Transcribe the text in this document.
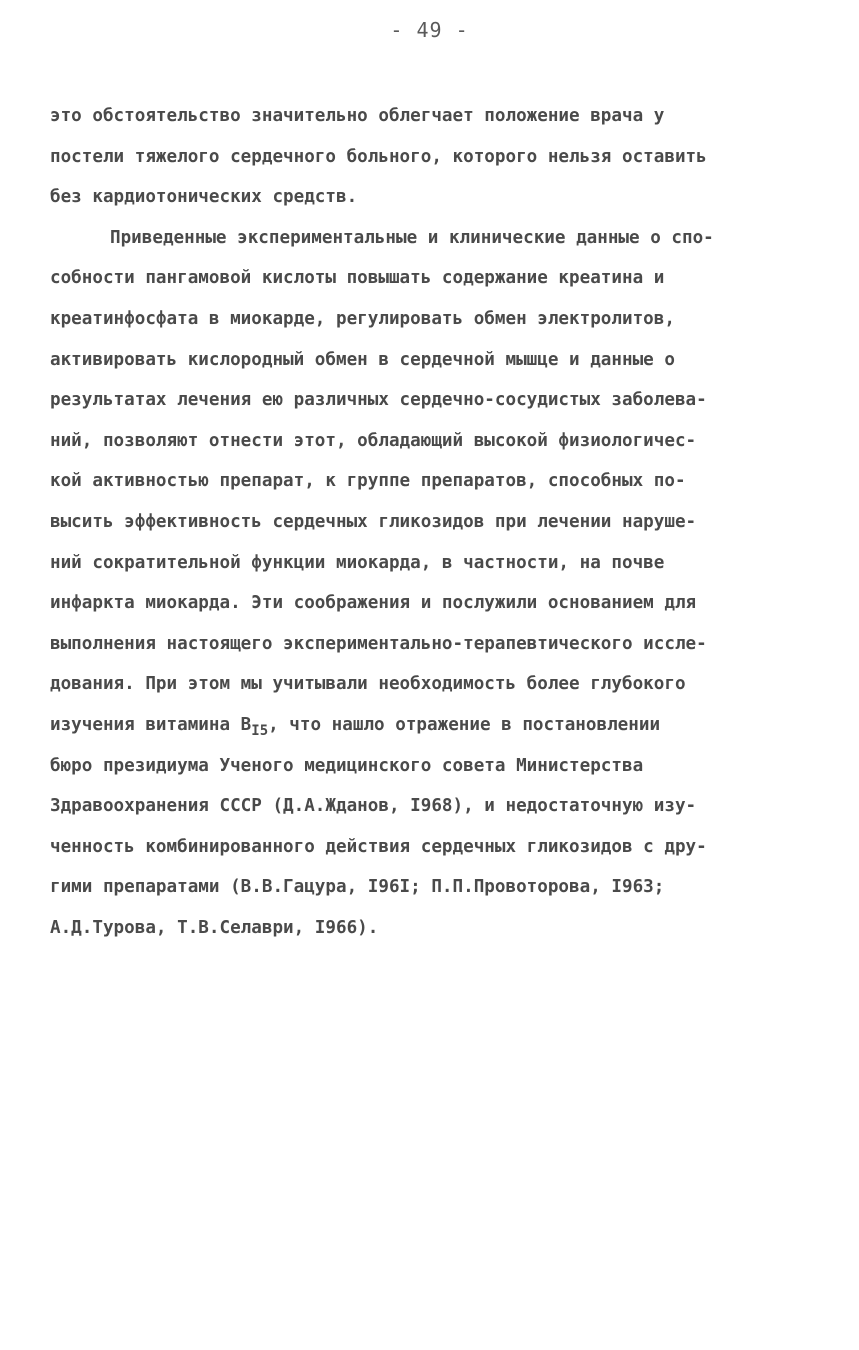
- 49 -
это обстоятельство значительно облегчает положение врача у
постели тяжелого сердечного больного, которого нельзя оставить
без кардиотонических средств.
Приведенные экспериментальные и клинические данные о спо-
собности пангамовой кислоты повышать содержание креатина и
креатинфосфата в миокарде, регулировать обмен электролитов,
активировать кислородный обмен в сердечной мышце и данные о
результатах лечения ею различных сердечно-сосудистых заболева-
ний, позволяют отнести этот, обладающий высокой физиологичес-
кой активностью препарат, к группе препаратов, способных по-
высить эффективность сердечных гликозидов при лечении наруше-
ний сократительной функции миокарда, в частности, на почве
инфаркта миокарда. Эти соображения и послужили основанием для
выполнения настоящего экспериментально-терапевтического иссле-
дования. При этом мы учитывали необходимость более глубокого
изучения витамина $B_{I5}$, что нашло отражение в постановлении
бюро президиума Ученого медицинского совета Министерства
Здравоохранения СССР (Д.А.Жданов, I968), и недостаточную изу-
ченность комбинированного действия сердечных гликозидов с дру-
гими препаратами (В.В.Гацура, I96I; П.П.Провоторова, I963;
А.Д.Турова, Т.В.Селаври, I966).
